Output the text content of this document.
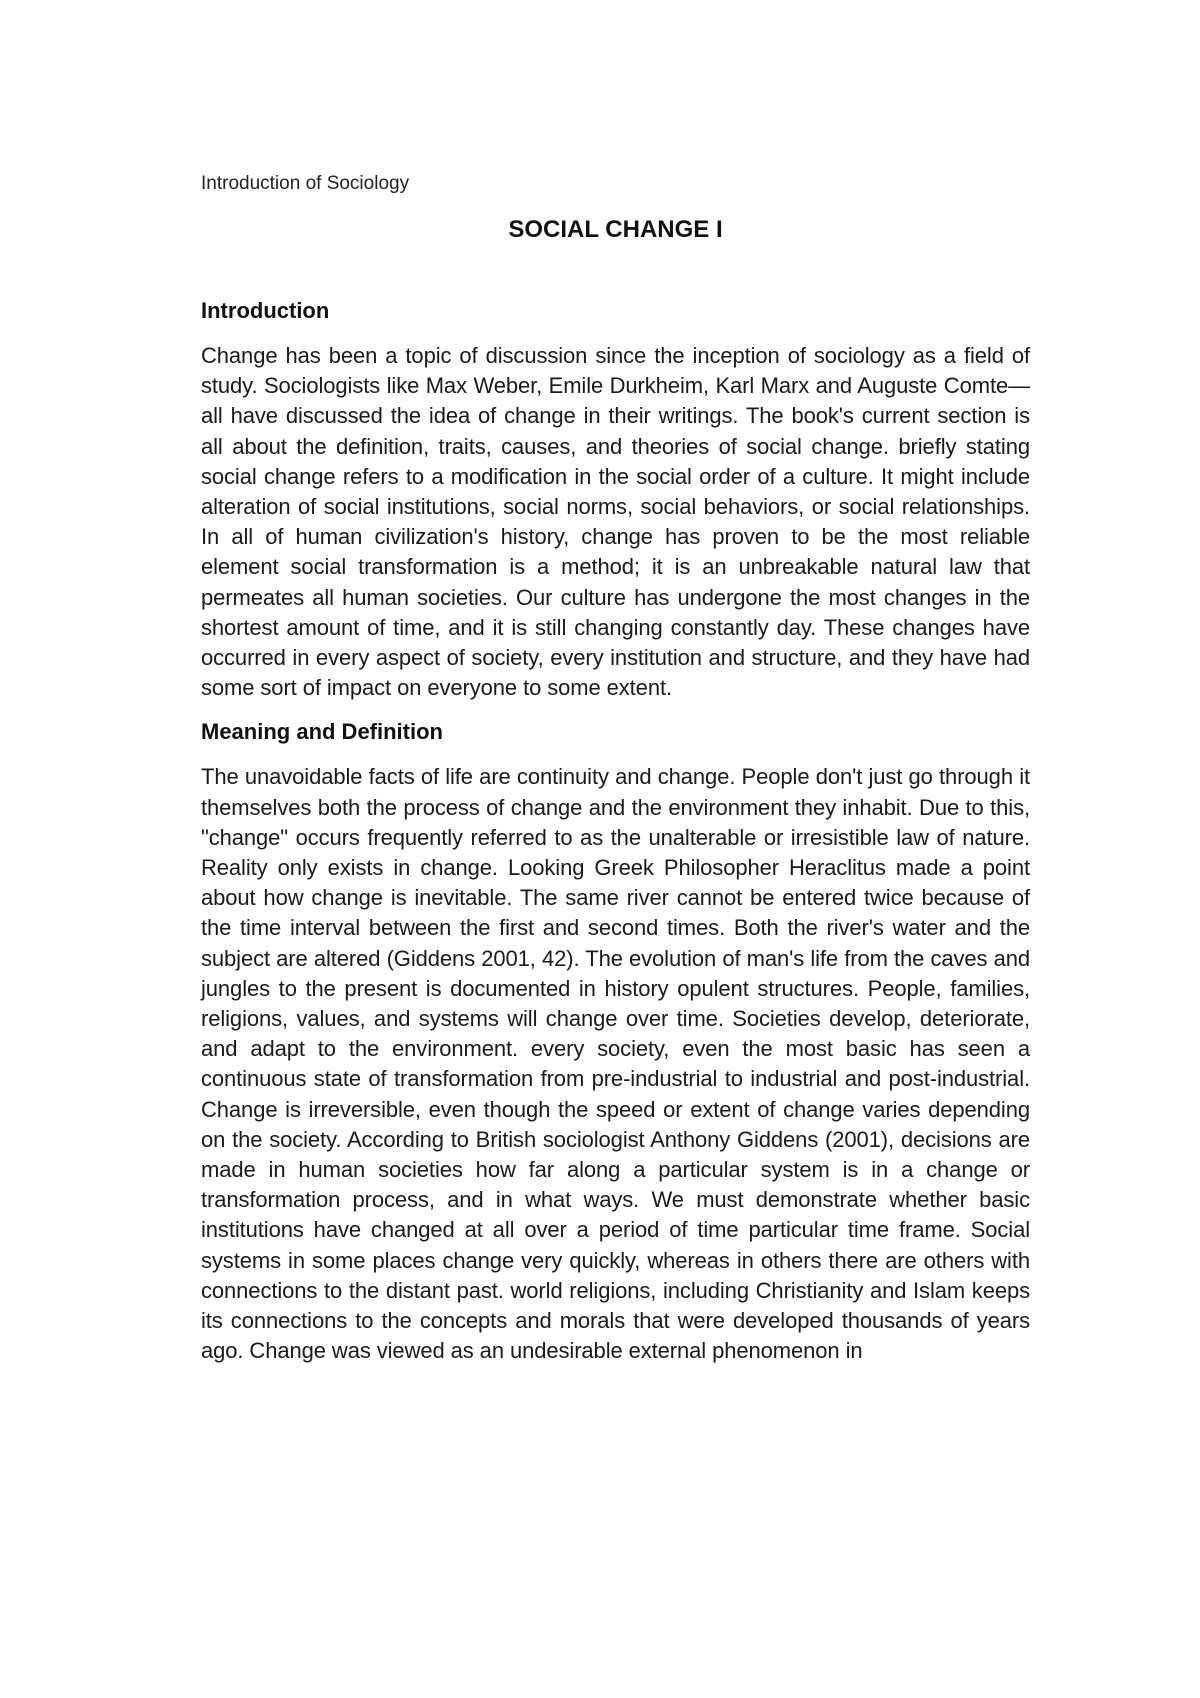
Introduction of Sociology

SOCIAL CHANGE I
Introduction

Change has been a topic of discussion since the inception of sociology as a field of study. Sociologists like Max Weber, Emile Durkheim, Karl Marx and Auguste Comte—all have discussed the idea of change in their writings. The book's current section is all about the definition, traits, causes, and theories of social change. briefly stating social change refers to a modification in the social order of a culture. It might include alteration of social institutions, social norms, social behaviors, or social relationships. In all of human civilization's history, change has proven to be the most reliable element social transformation is a method; it is an unbreakable natural law that permeates all human societies. Our culture has undergone the most changes in the shortest amount of time, and it is still changing constantly day. These changes have occurred in every aspect of society, every institution and structure, and they have had some sort of impact on everyone to some extent.

Meaning and Definition

The unavoidable facts of life are continuity and change. People don't just go through it themselves both the process of change and the environment they inhabit. Due to this, "change" occurs frequently referred to as the unalterable or irresistible law of nature. Reality only exists in change. Looking Greek Philosopher Heraclitus made a point about how change is inevitable. The same river cannot be entered twice because of the time interval between the first and second times. Both the river's water and the subject are altered (Giddens 2001, 42). The evolution of man's life from the caves and jungles to the present is documented in history opulent structures. People, families, religions, values, and systems will change over time. Societies develop, deteriorate, and adapt to the environment. every society, even the most basic has seen a continuous state of transformation from pre-industrial to industrial and post-industrial. Change is irreversible, even though the speed or extent of change varies depending on the society. According to British sociologist Anthony Giddens (2001), decisions are made in human societies how far along a particular system is in a change or transformation process, and in what ways. We must demonstrate whether basic institutions have changed at all over a period of time particular time frame. Social systems in some places change very quickly, whereas in others there are others with connections to the distant past. world religions, including Christianity and Islam keeps its connections to the concepts and morals that were developed thousands of years ago. Change was viewed as an undesirable external phenomenon in
